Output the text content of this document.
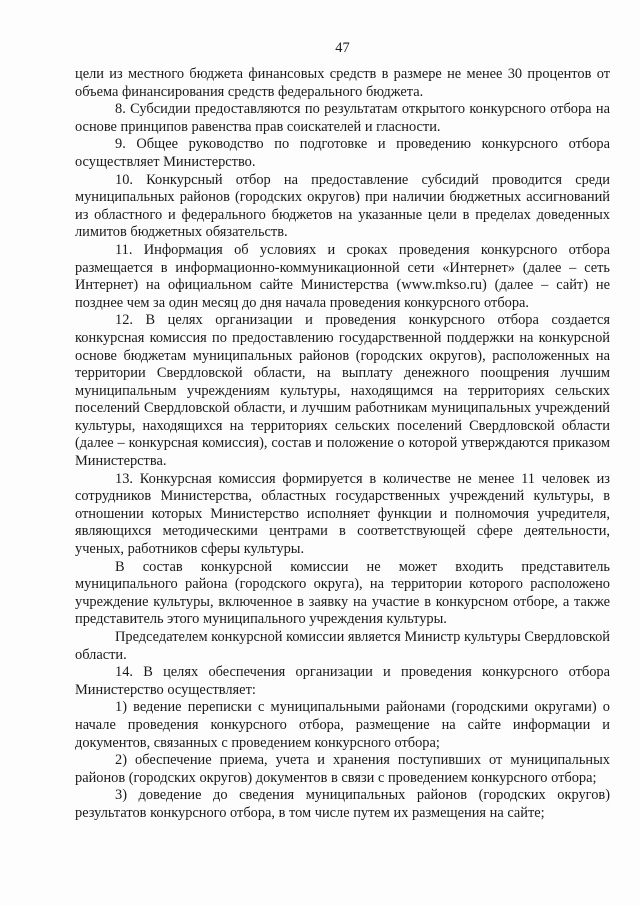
47

цели из местного бюджета финансовых средств в размере не менее 30 процентов от объема финансирования средств федерального бюджета.

8. Субсидии предоставляются по результатам открытого конкурсного отбора на основе принципов равенства прав соискателей и гласности.

9. Общее руководство по подготовке и проведению конкурсного отбора осуществляет Министерство.

10. Конкурсный отбор на предоставление субсидий проводится среди муниципальных районов (городских округов) при наличии бюджетных ассигнований из областного и федерального бюджетов на указанные цели в пределах доведенных лимитов бюджетных обязательств.

11. Информация об условиях и сроках проведения конкурсного отбора размещается в информационно-коммуникационной сети «Интернет» (далее – сеть Интернет) на официальном сайте Министерства (www.mkso.ru) (далее – сайт) не позднее чем за один месяц до дня начала проведения конкурсного отбора.

12. В целях организации и проведения конкурсного отбора создается конкурсная комиссия по предоставлению государственной поддержки на конкурсной основе бюджетам муниципальных районов (городских округов), расположенных на территории Свердловской области, на выплату денежного поощрения лучшим муниципальным учреждениям культуры, находящимся на территориях сельских поселений Свердловской области, и лучшим работникам муниципальных учреждений культуры, находящихся на территориях сельских поселений Свердловской области (далее – конкурсная комиссия), состав и положение о которой утверждаются приказом Министерства.

13. Конкурсная комиссия формируется в количестве не менее 11 человек из сотрудников Министерства, областных государственных учреждений культуры, в отношении которых Министерство исполняет функции и полномочия учредителя, являющихся методическими центрами в соответствующей сфере деятельности, ученых, работников сферы культуры.

В состав конкурсной комиссии не может входить представитель муниципального района (городского округа), на территории которого расположено учреждение культуры, включенное в заявку на участие в конкурсном отборе, а также представитель этого муниципального учреждения культуры.

Председателем конкурсной комиссии является Министр культуры Свердловской области.

14. В целях обеспечения организации и проведения конкурсного отбора Министерство осуществляет:

1) ведение переписки с муниципальными районами (городскими округами) о начале проведения конкурсного отбора, размещение на сайте информации и документов, связанных с проведением конкурсного отбора;

2) обеспечение приема, учета и хранения поступивших от муниципальных районов (городских округов) документов в связи с проведением конкурсного отбора;

3) доведение до сведения муниципальных районов (городских округов) результатов конкурсного отбора, в том числе путем их размещения на сайте;
